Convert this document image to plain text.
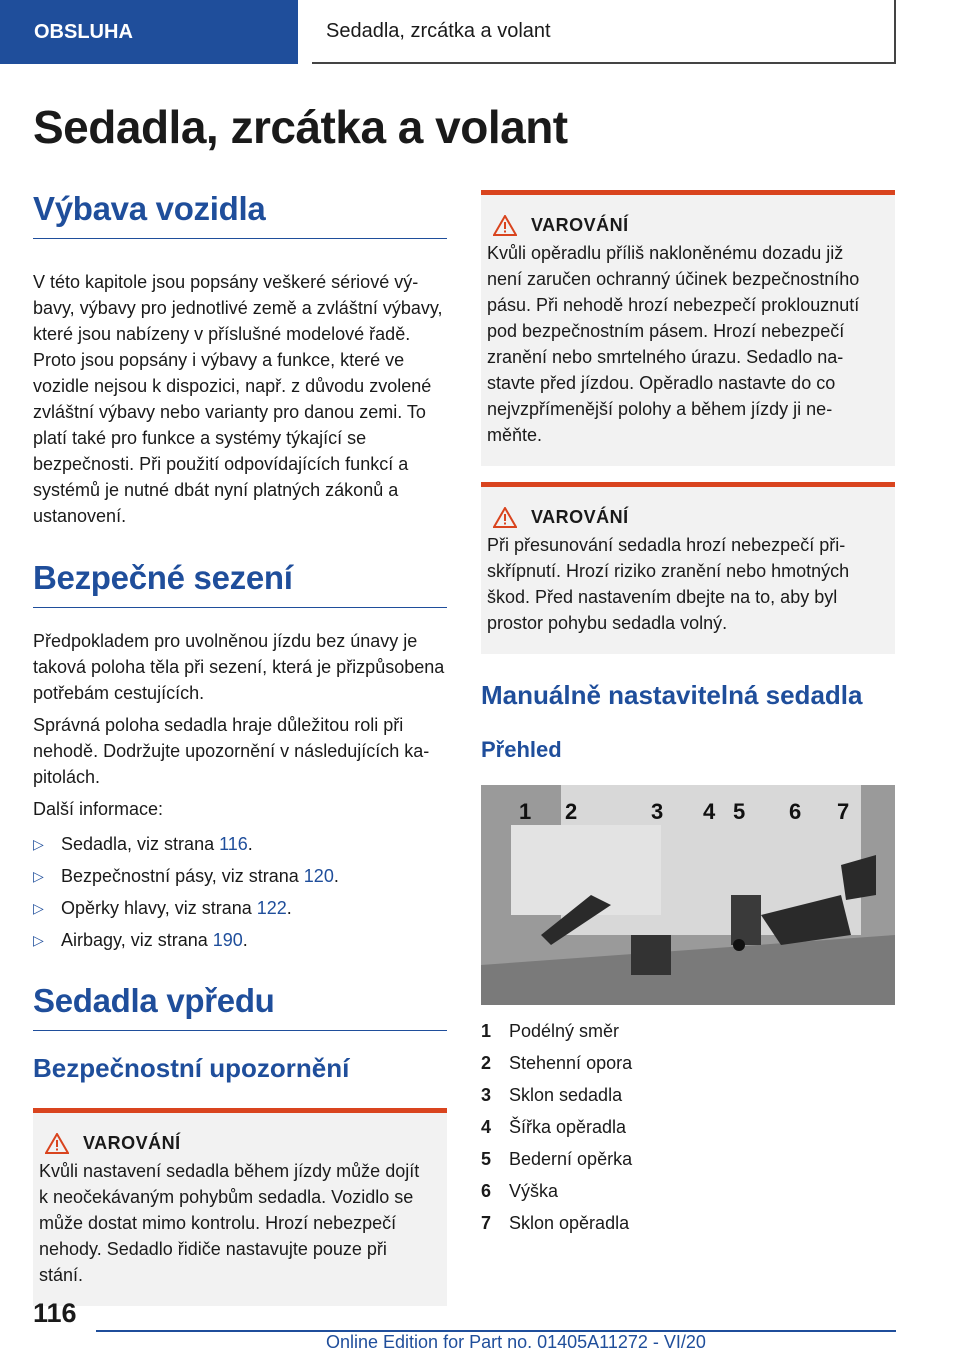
OBSLUHA	Sedadla, zrcátka a volant
Sedadla, zrcátka a volant
Výbava vozidla

V této kapitole jsou popsány veškeré sériové výbavy, výbavy pro jednotlivé země a zvláštní výbavy, které jsou nabízeny v příslušné modelové řadě. Proto jsou popsány i výbavy a funkce, které ve vozidle nejsou k dispozici, např. z důvodu zvolené zvláštní výbavy nebo varianty pro danou zemi. To platí také pro funkce a systémy týkající se bezpečnosti. Při použití odpovídajících funkcí a systémů je nutné dbát nyní platných zákonů a ustanovení.

Bezpečné sezení

Předpokladem pro uvolněnou jízdu bez únavy je taková poloha těla při sezení, která je přizpůsobena potřebám cestujících.

Správná poloha sedadla hraje důležitou roli při nehodě. Dodržujte upozornění v následujících kapitolách.

Další informace:

▷ Sedadla, viz strana 116.
▷ Bezpečnostní pásy, viz strana 120.
▷ Opěrky hlavy, viz strana 122.
▷ Airbagy, viz strana 190.
Sedadla vpředu
Bezpečnostní upozornění
VAROVÁNÍ

Kvůli nastavení sedadla během jízdy může dojít k neočekávaným pohybům sedadla. Vozidlo se může dostat mimo kontrolu. Hrozí nebezpečí nehody. Sedadlo řidiče nastavujte pouze při stání.

VAROVÁNÍ

Kvůli opěradlu příliš nakloněnému dozadu již není zaručen ochranný účinek bezpečnostního pásu. Při nehodě hrozí nebezpečí proklouznutí pod bezpečnostním pásem. Hrozí nebezpečí zranění nebo smrtelného úrazu. Sedadlo nastavte před jízdou. Opěradlo nastavte do co nejvzpřímenější polohy a během jízdy ji neměňte.

VAROVÁNÍ

Při přesunování sedadla hrozí nebezpečí přiskřípnutí. Hrozí riziko zranění nebo hmotných škod. Před nastavením dbejte na to, aby byl prostor pohybu sedadla volný.

Manuálně nastavitelná sedadla
Přehled
1 2	3 4 5 6 7
1 Podélný směr
2 Stehenní opora
3 Sklon sedadla
4 Šířka opěradla
5 Bederní opěrka
6 Výška
7 Sklon opěradla
116
Online Edition for Part no. 01405A11272 - VI/20
